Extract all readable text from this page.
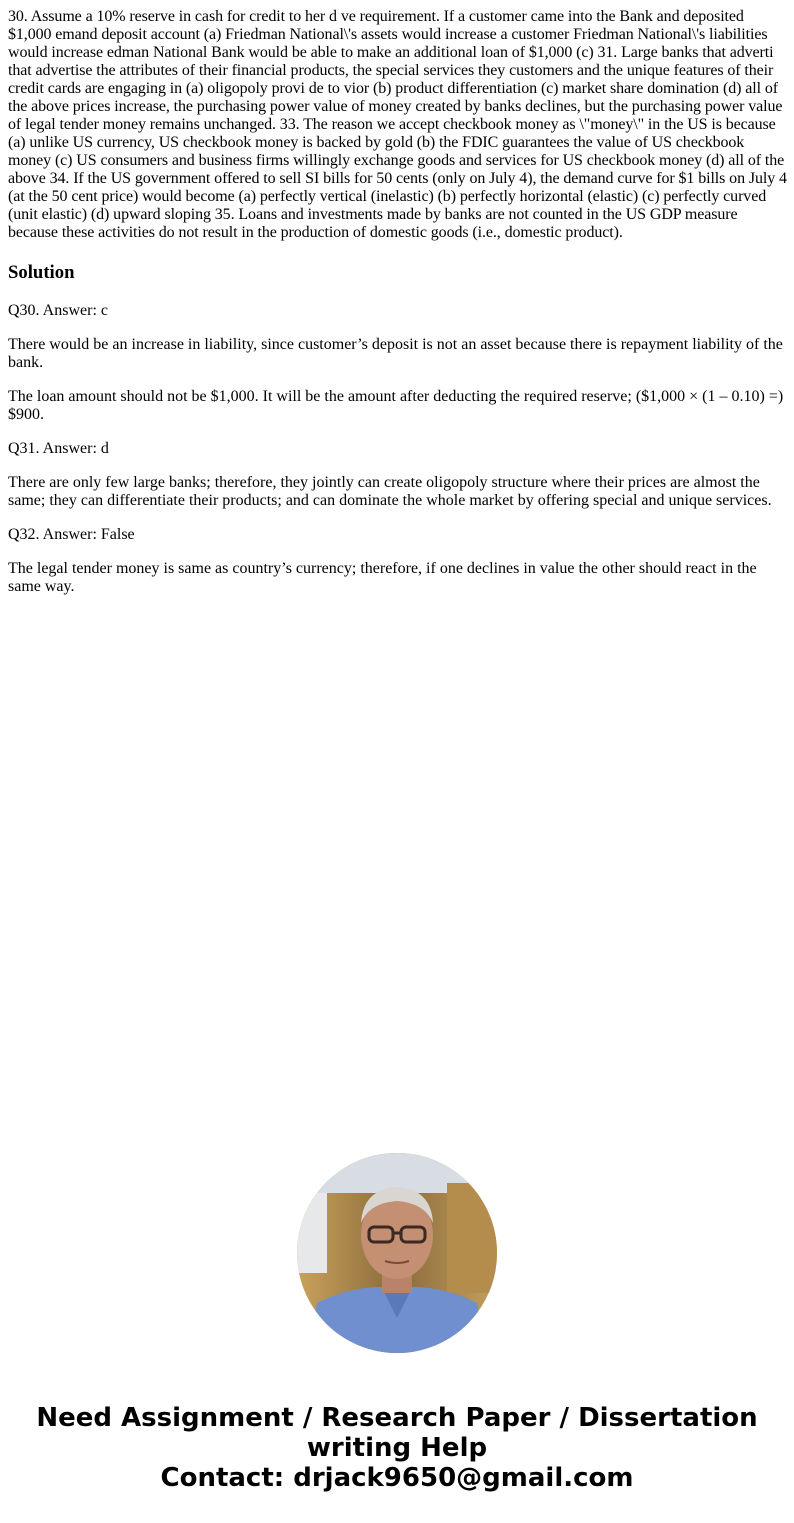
30. Assume a 10% reserve in cash for credit to her d ve requirement. If a customer came into the Bank and deposited $1,000 emand deposit account (a) Friedman National\'s assets would increase a customer Friedman National\'s liabilities would increase edman National Bank would be able to make an additional loan of $1,000 (c) 31. Large banks that adverti that advertise the attributes of their financial products, the special services they customers and the unique features of their credit cards are engaging in (a) oligopoly provi de to vior (b) product differentiation (c) market share domination (d) all of the above prices increase, the purchasing power value of money created by banks declines, but the purchasing power value of legal tender money remains unchanged. 33. The reason we accept checkbook money as \"money\" in the US is because (a) unlike US currency, US checkbook money is backed by gold (b) the FDIC guarantees the value of US checkbook money (c) US consumers and business firms willingly exchange goods and services for US checkbook money (d) all of the above 34. If the US government offered to sell SI bills for 50 cents (only on July 4), the demand curve for $1 bills on July 4 (at the 50 cent price) would become (a) perfectly vertical (inelastic) (b) perfectly horizontal (elastic) (c) perfectly curved (unit elastic) (d) upward sloping 35. Loans and investments made by banks are not counted in the US GDP measure because these activities do not result in the production of domestic goods (i.e., domestic product).

Solution

Q30. Answer: c

There would be an increase in liability, since customer’s deposit is not an asset because there is repayment liability of the bank.

The loan amount should not be $1,000. It will be the amount after deducting the required reserve; ($1,000 × (1 – 0.10) =) $900.

Q31. Answer: d

There are only few large banks; therefore, they jointly can create oligopoly structure where their prices are almost the same; they can differentiate their products; and can dominate the whole market by offering special and unique services.

Q32. Answer: False

The legal tender money is same as country’s currency; therefore, if one declines in value the other should react in the same way.

Need Assignment / Research Paper / Dissertation
writing Help
Contact: drjack9650@gmail.com
